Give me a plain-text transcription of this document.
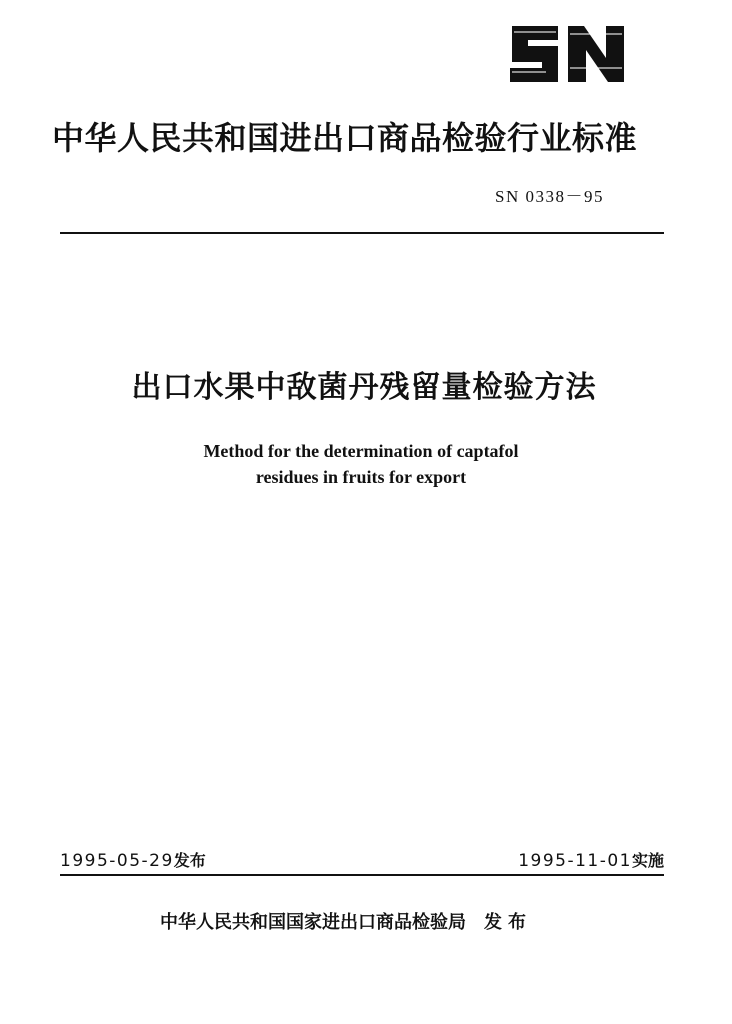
中华人民共和国进出口商品检验行业标准
SN 0338－95
出口水果中敌菌丹残留量检验方法
Method for the determination of captafol
residues in fruits for export
1995-05-29发布	1995-11-01实施
中华人民共和国国家进出口商品检验局 发布
